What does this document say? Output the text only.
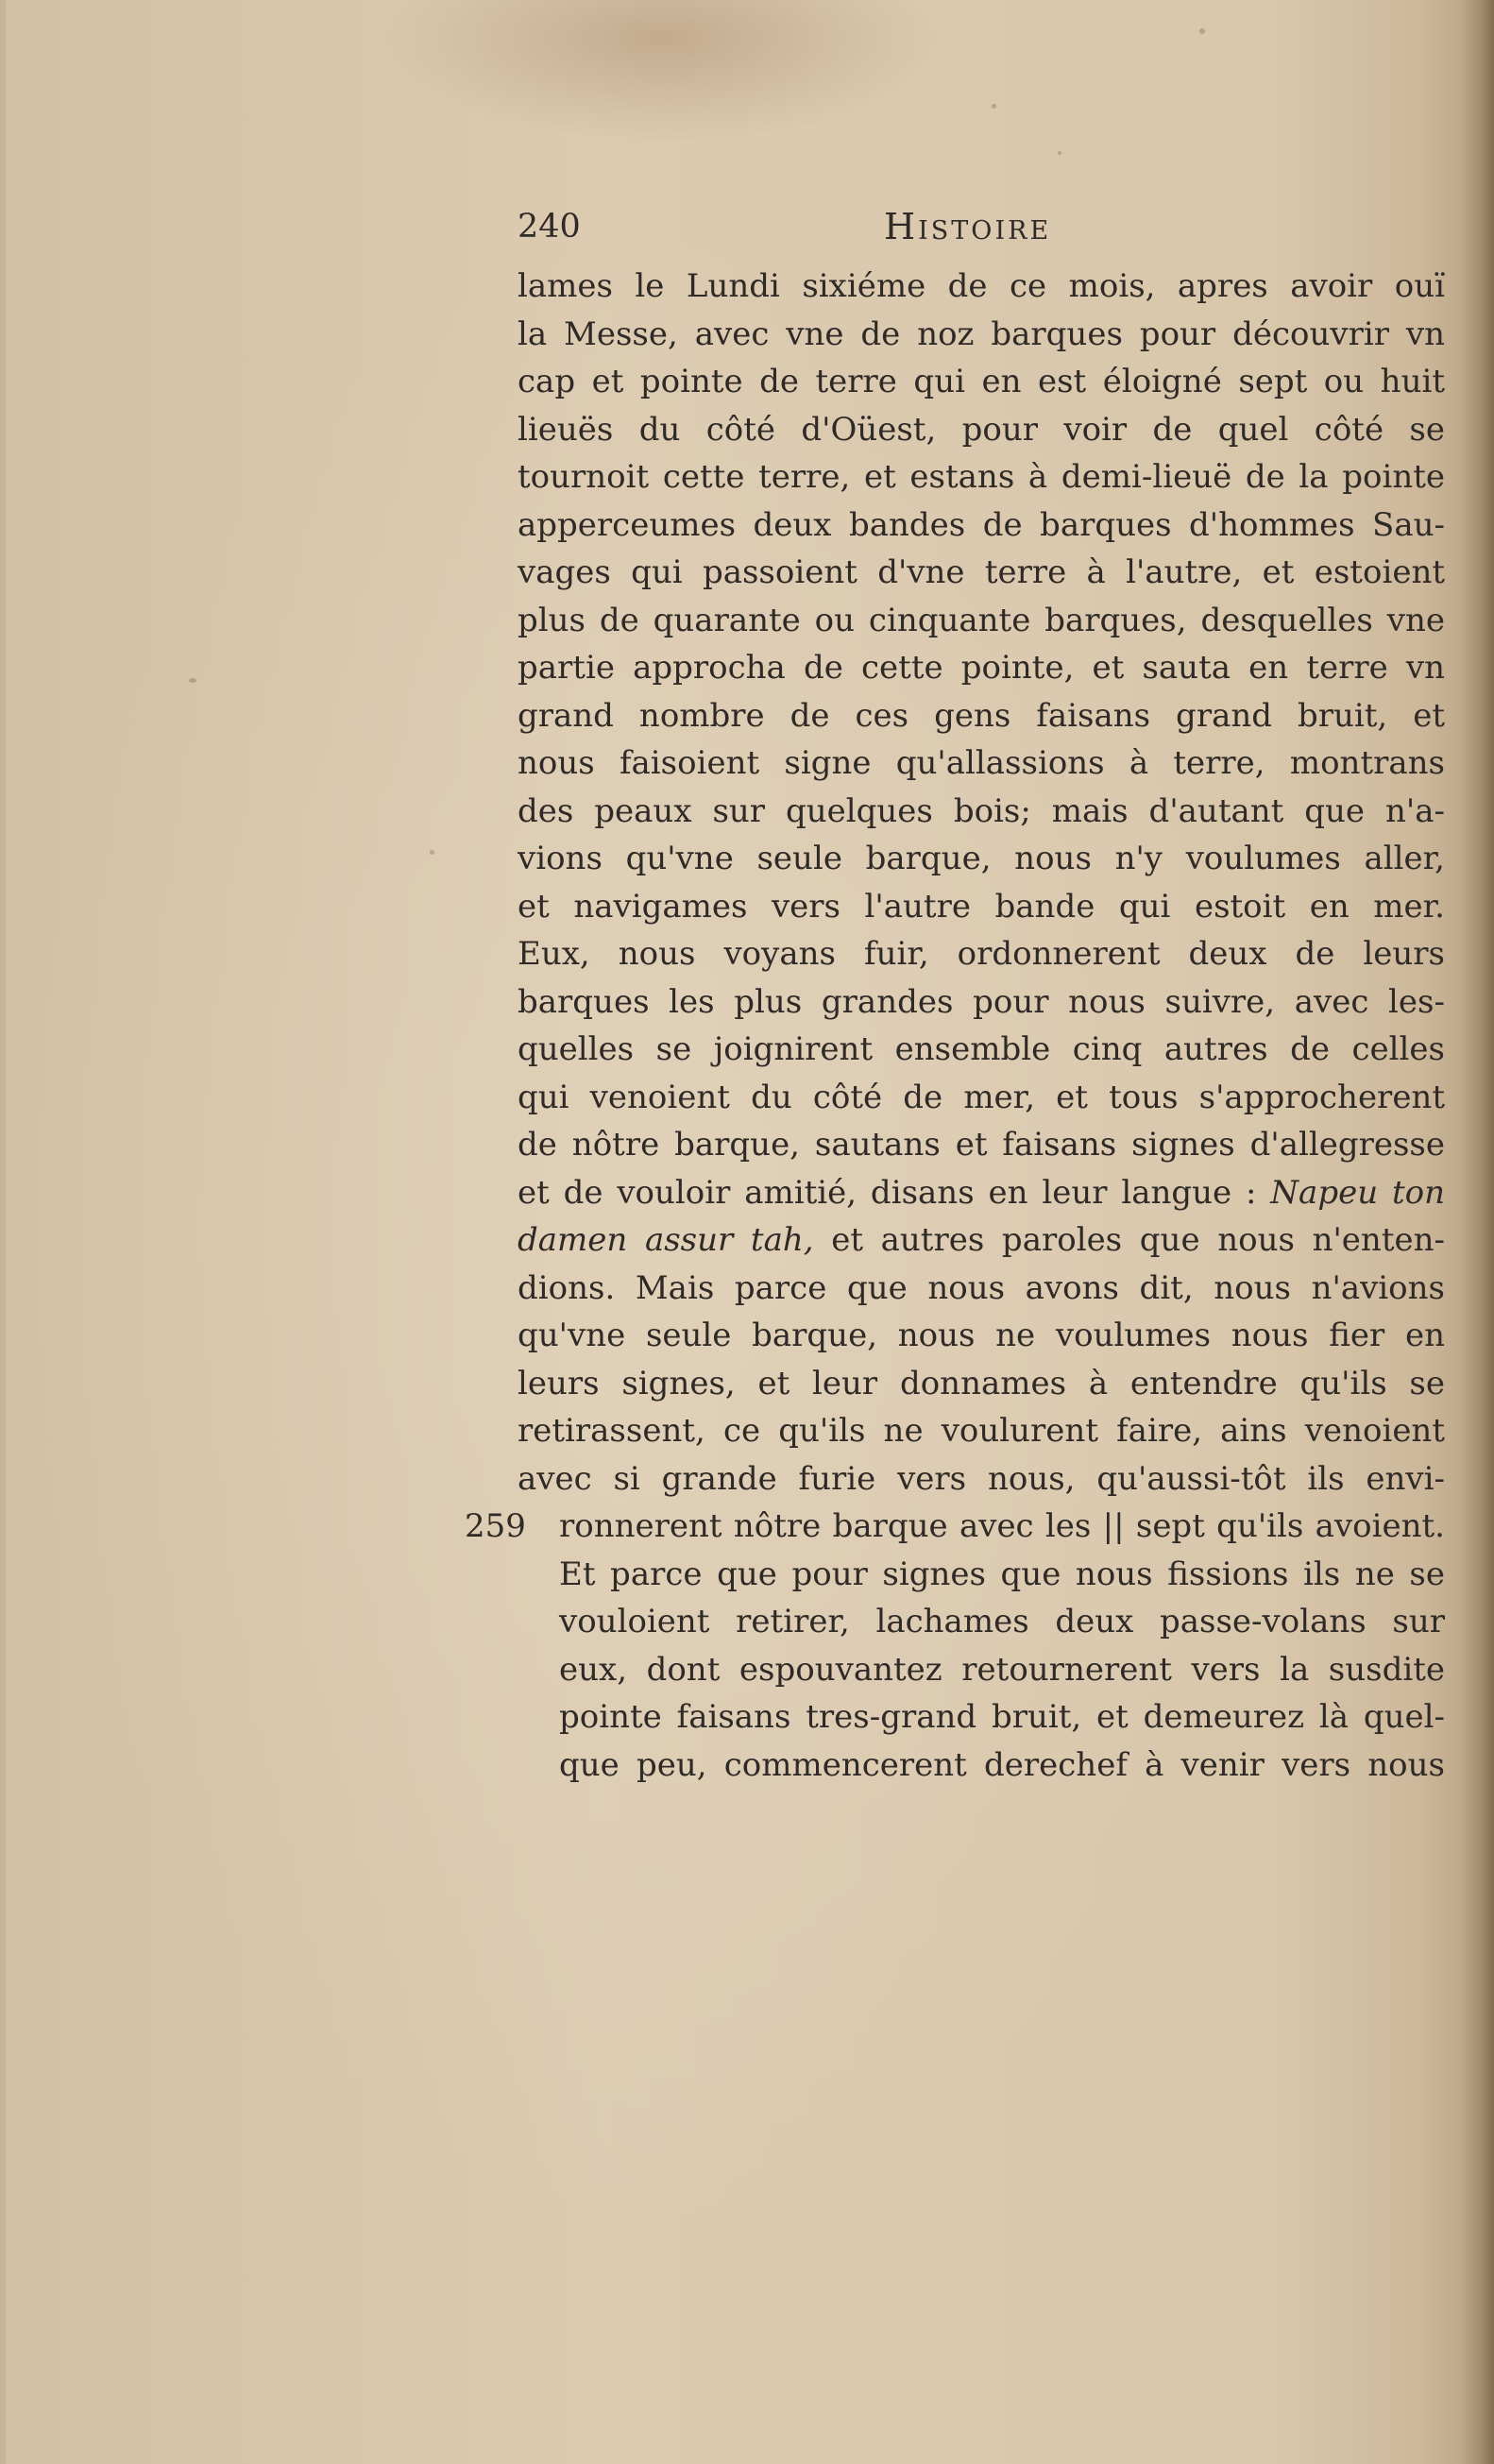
240	Histoire
lames le Lundi sixiéme de ce mois, apres avoir ouï
la Messe, avec vne de noz barques pour découvrir vn
cap et pointe de terre qui en est éloigné sept ou huit
lieuës du côté d'Oüest, pour voir de quel côté se
tournoit cette terre, et estans à demi-lieuë de la pointe
apperceumes deux bandes de barques d'hommes Sau-
vages qui passoient d'vne terre à l'autre, et estoient
plus de quarante ou cinquante barques, desquelles vne
partie approcha de cette pointe, et sauta en terre vn
grand nombre de ces gens faisans grand bruit, et
nous faisoient signe qu'allassions à terre, montrans
des peaux sur quelques bois; mais d'autant que n'a-
vions qu'vne seule barque, nous n'y voulumes aller,
et navigames vers l'autre bande qui estoit en mer.
Eux, nous voyans fuir, ordonnerent deux de leurs
barques les plus grandes pour nous suivre, avec les-
quelles se joignirent ensemble cinq autres de celles
qui venoient du côté de mer, et tous s'approcherent
de nôtre barque, sautans et faisans signes d'allegresse
et de vouloir amitié, disans en leur langue : Napeu ton
damen assur tah, et autres paroles que nous n'enten-
dions. Mais parce que nous avons dit, nous n'avions
qu'vne seule barque, nous ne voulumes nous fier en
leurs signes, et leur donnames à entendre qu'ils se
retirassent, ce qu'ils ne voulurent faire, ains venoient
avec si grande furie vers nous, qu'aussi-tôt ils envi-
259 ronnerent nôtre barque avec les || sept qu'ils avoient.
Et parce que pour signes que nous fissions ils ne se
vouloient retirer, lachames deux passe-volans sur
eux, dont espouvantez retournerent vers la susdite
pointe faisans tres-grand bruit, et demeurez là quel-
que peu, commencerent derechef à venir vers nous
